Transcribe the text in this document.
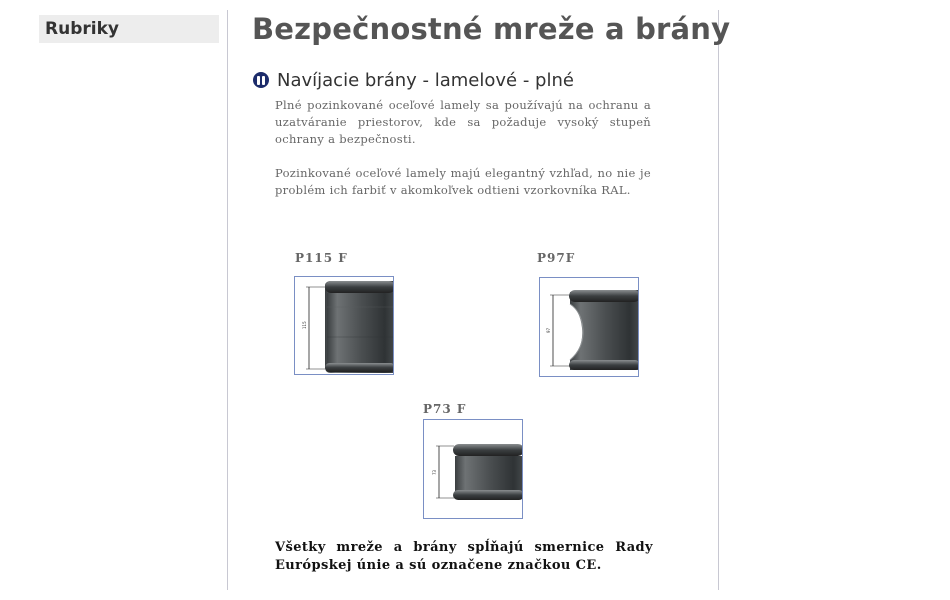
Rubriky	Bezpečnostné mreže a brány
Navíjacie brány - lamelové - plné
Plné pozinkované oceľové lamely sa používajú na ochranu a uzatváranie priestorov, kde sa požaduje vysoký stupeň ochrany a bezpečnosti.
Pozinkované oceľové lamely majú elegantný vzhľad, no nie je problém ich farbiť v akomkoľvek odtieni vzorkovníka RAL.
P115 F
115
P97F
97
P73 F
73
Všetky mreže a brány spĺňajú smernice Rady Európskej únie a sú označene značkou CE.
